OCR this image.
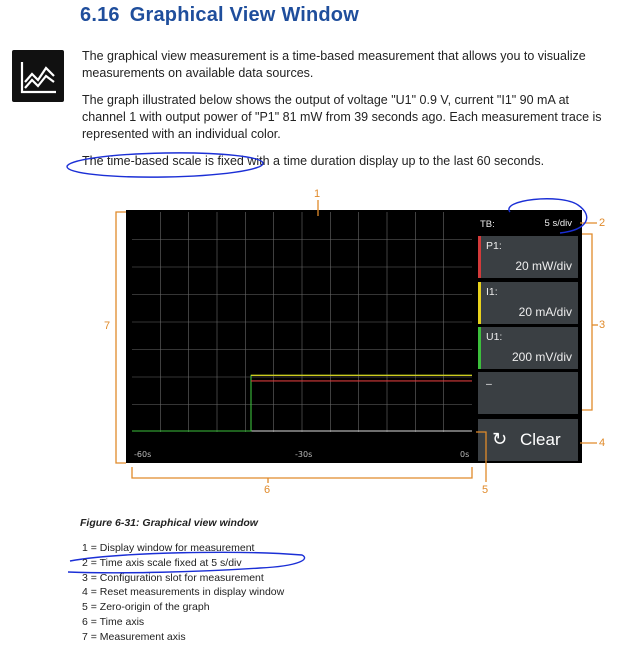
6.16 Graphical View Window
The graphical view measurement is a time-based measurement that allows you to visualize measurements on available data sources.
The graph illustrated below shows the output of voltage "U1" 0.9 V, current "I1" 90 mA at channel 1 with output power of "P1" 81 mW from 39 seconds ago. Each measurement trace is represented with an individual color.
The time-based scale is fixed with a time duration display up to the last 60 seconds.
-60s	-30s	0s
TB:	5 s/div
P1:
20 mW/div
I1:
20 mA/div
U1:
200 mV/div
–
↻ Clear
1
2
3
4
5
6
7
Figure 6-31: Graphical view window
1 = Display window for measurement
2 = Time axis scale fixed at 5 s/div
3 = Configuration slot for measurement
4 = Reset measurements in display window
5 = Zero-origin of the graph
6 = Time axis
7 = Measurement axis
